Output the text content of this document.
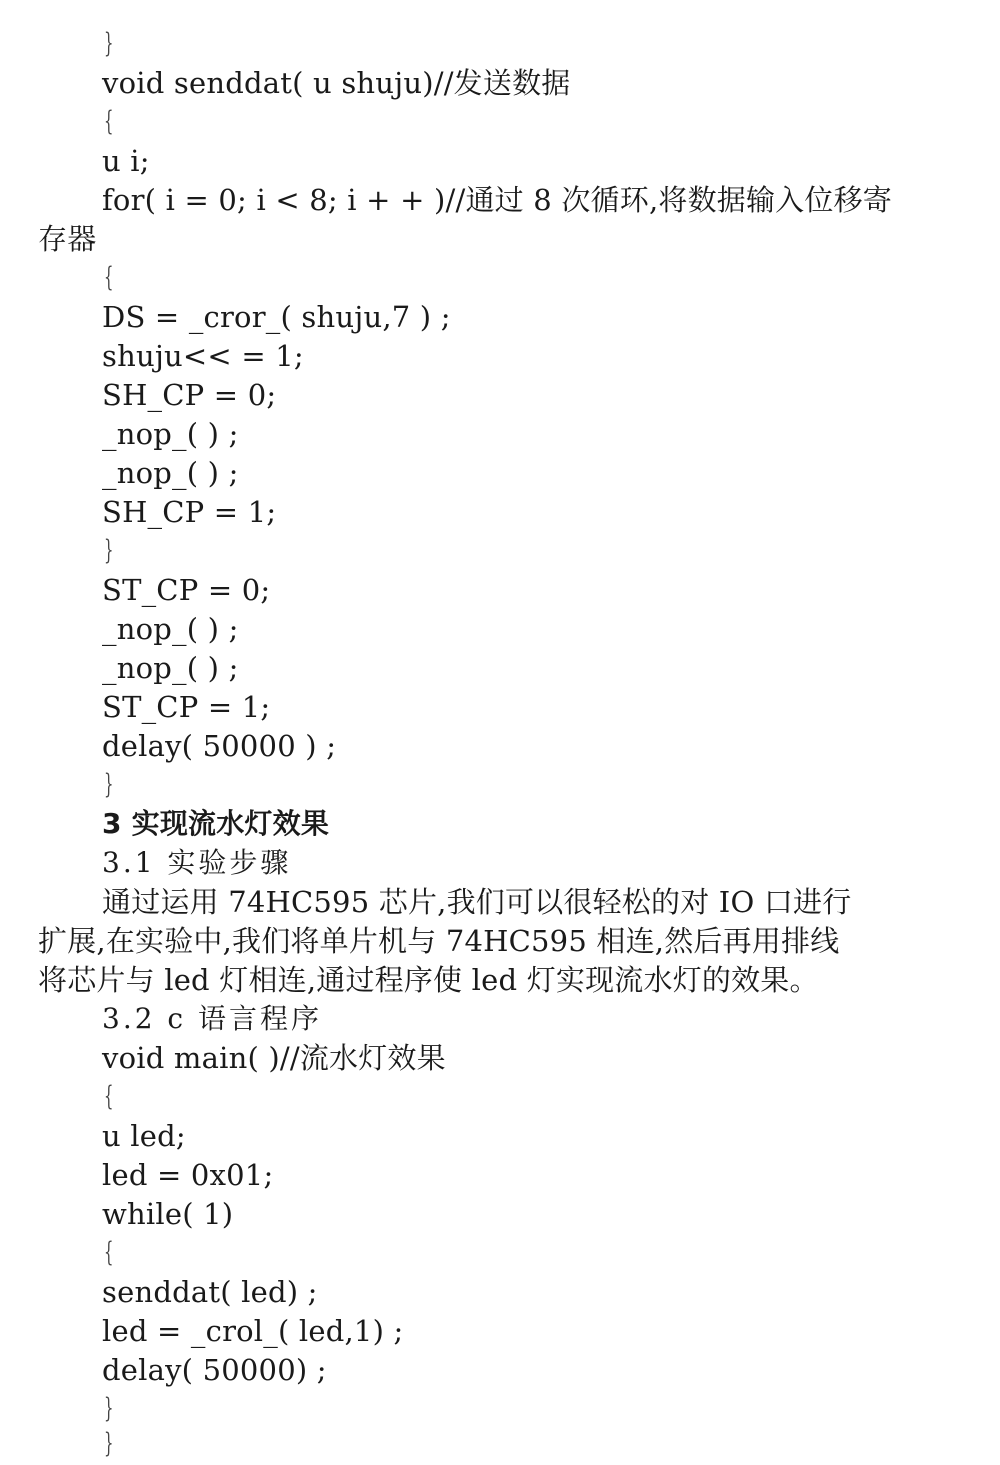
}
void senddat( u shuju)//发送数据
{
u i;
for( i = 0; i < 8; i + + )//通过 8 次循环,将数据输入位移寄
存器
{
DS = _cror_( shuju,7 ) ;
shuju<< = 1;
SH_CP = 0;
_nop_( ) ;
_nop_( ) ;
SH_CP = 1;
}
ST_CP = 0;
_nop_( ) ;
_nop_( ) ;
ST_CP = 1;
delay( 50000 ) ;
}
3 实现流水灯效果
3.1 实验步骤
通过运用 74HC595 芯片,我们可以很轻松的对 IO 口进行
扩展,在实验中,我们将单片机与 74HC595 相连,然后再用排线
将芯片与 led 灯相连,通过程序使 led 灯实现流水灯的效果。
3.2 c 语言程序
void main( )//流水灯效果
{
u led;
led = 0x01;
while( 1)
{
senddat( led) ;
led = _crol_( led,1) ;
delay( 50000) ;
}
}
